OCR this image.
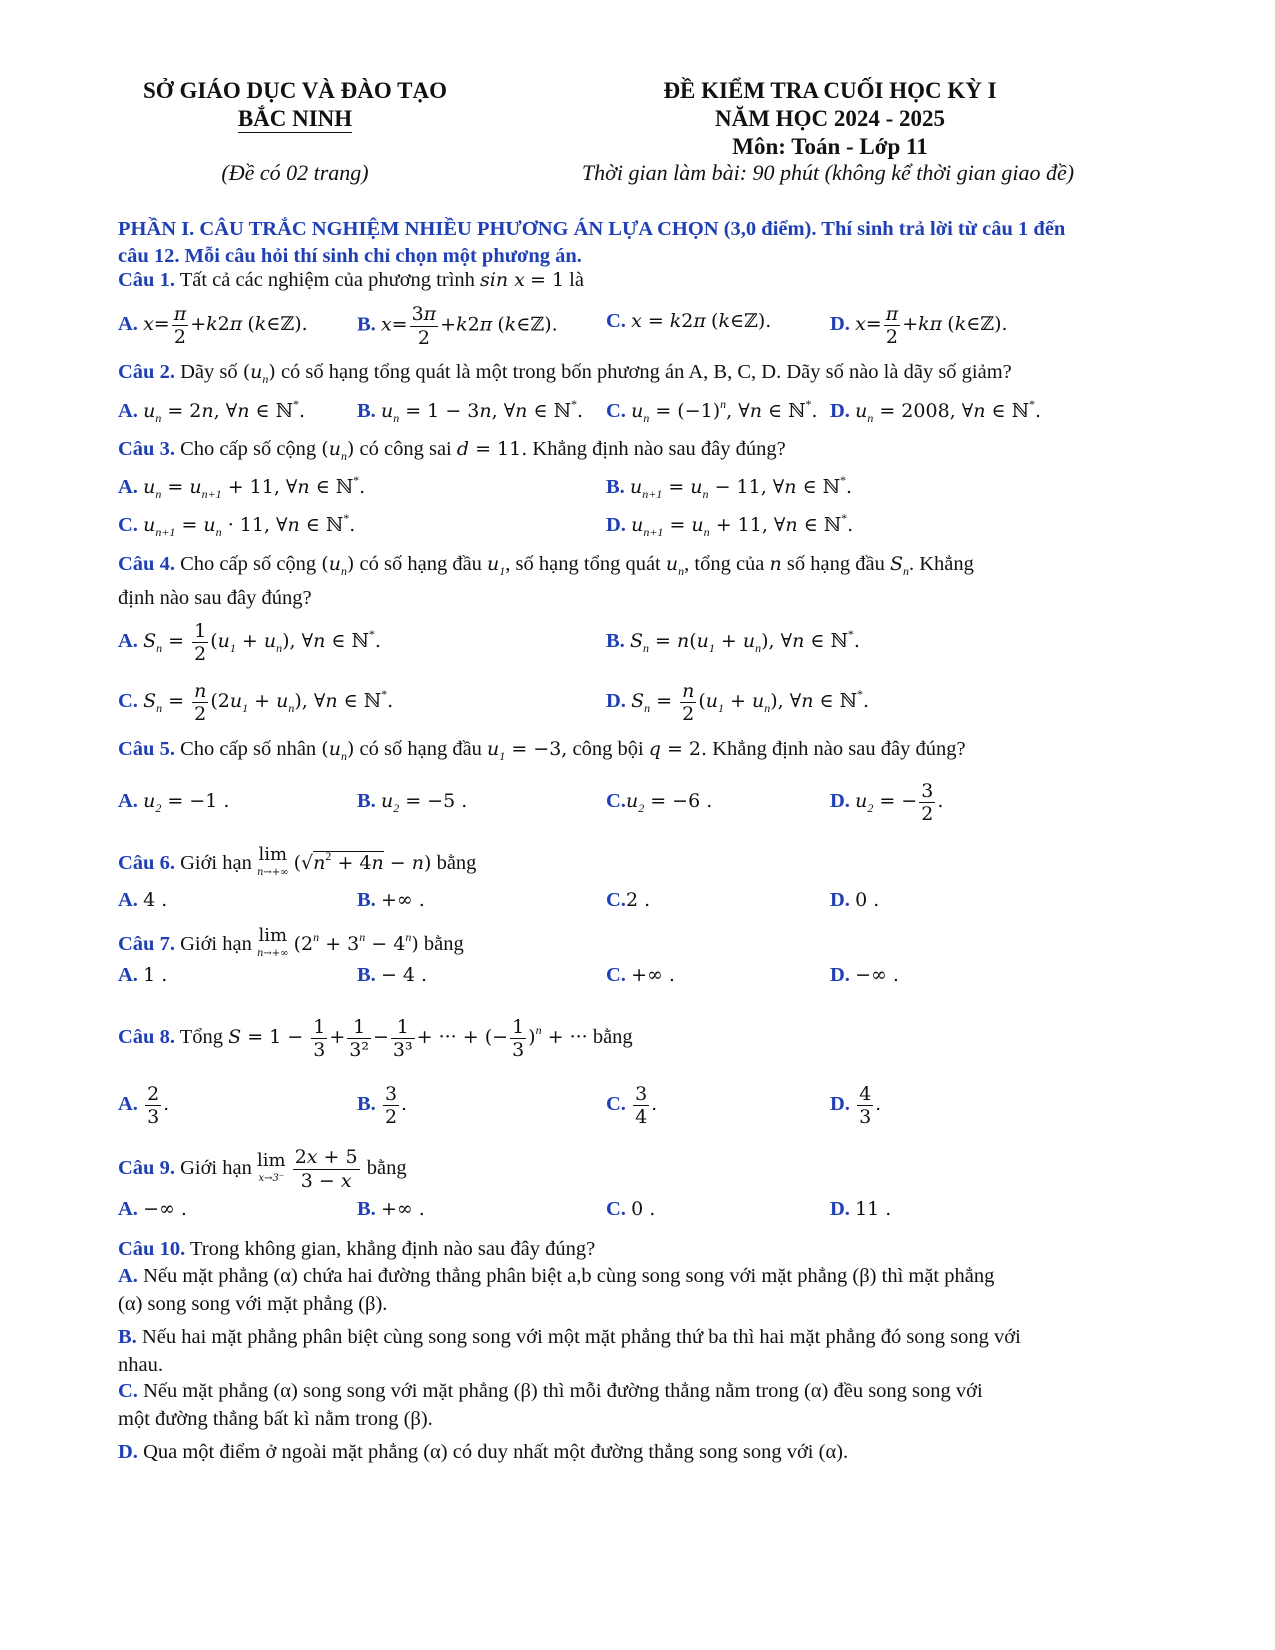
SỞ GIÁO DỤC VÀ ĐÀO TẠO
BẮC NINH
(Đề có 02 trang)
ĐỀ KIỂM TRA CUỐI HỌC KỲ I
NĂM HỌC 2024 - 2025
Môn: Toán - Lớp 11
Thời gian làm bài: 90 phút (không kể thời gian giao đề)
PHẦN I. CÂU TRẮC NGHIỆM NHIỀU PHƯƠNG ÁN LỰA CHỌN (3,0 điểm). Thí sinh trả lời từ câu 1 đến câu 12. Mỗi câu hỏi thí sinh chỉ chọn một phương án.
Câu 1. Tất cả các nghiệm của phương trình sin x = 1 là
A. $x= \frac{\pi}{2} +k2\pi$ (k∈ℤ). B. $x= \frac{3\pi}{2} +k2\pi$ (k∈ℤ). C. x = k2π (k∈ℤ).	D. $x= \frac{\pi}{2} +k\pi$ (k∈ℤ).
Câu 2. Dãy số $(u_n)$ có số hạng tổng quát là một trong bốn phương án A, B, C, D. Dãy số nào là dãy số giảm?
A. $u_n = 2n$, ∀n ∈ ℕ*.	B. $u_n = 1 - 3n$, ∀n ∈ ℕ*. C. $u_n = (-1)^n$, ∀n ∈ ℕ*. D. $u_n = 2008$, ∀n ∈ ℕ*.
Câu 3. Cho cấp số cộng $(u_n)$ có công sai d = 11. Khẳng định nào sau đây đúng?
A. $u_n = u_{n+1} + 11$, ∀n ∈ ℕ*.	B. $u_{n+1} = u_n - 11$, ∀n ∈ ℕ*.
C. $u_{n+1} = u_n \cdot 11$, ∀n ∈ ℕ*.	D. $u_{n+1} = u_n + 11$, ∀n ∈ ℕ*.
Câu 4. Cho cấp số cộng $(u_n)$ có số hạng đầu $u_1$, số hạng tổng quát $u_n$, tổng của n số hạng đầu $S_n$. Khẳng
định nào sau đây đúng?
A. $S_n = \frac{1}{2} (u_1 + u_n)$, ∀n ∈ ℕ*.	B. $S_n = n(u_1 + u_n)$, ∀n ∈ ℕ*.
C. $S_n = \frac{n}{2} (2u_1 + u_n)$, ∀n ∈ ℕ*.	D. $S_n = \frac{n}{2} (u_1 + u_n)$, ∀n ∈ ℕ*.
Câu 5. Cho cấp số nhân $(u_n)$ có số hạng đầu $u_1 = -3$, công bội q = 2. Khẳng định nào sau đây đúng?
A. $u_2 = -1$ .	B. $u_2 = -5$ .	$C.u_2 = -6$ .	D. $u_2$ = − $\frac{3}{2}$ .
Câu 6. Giới hạn lim
n→+∞ $(√n^2 + 4n - n)$ bằng
A. 4 .	B. +∞ .	C.2 .	D. 0 .
Câu 7. Giới hạn lim
n→+∞ $(2^n + 3^n - 4^n)$ bằng
A. 1 .	B. − 4 .	C. +∞ .	D. −∞ .
Câu 8. Tổng $S = 1 - \frac{1}{3} + \frac{1}{\text{3²}} - \frac{1}{\text{3³}}$ + ··· + (− $\frac{1}{3} )^n$ + ··· bằng
A. $\frac{2}{3}$ .	B. $\frac{3}{2}$ .	C. $\frac{3}{4}$ .	D. $\frac{4}{3}$ .
Câu 9. Giới hạn lim
x→3⁻
$\frac{2x + 5}{3 - x}$ bằng
A. −∞ .	B. +∞ .	C. 0 .	D. 11 .
Câu 10. Trong không gian, khẳng định nào sau đây đúng?
A. Nếu mặt phẳng (α) chứa hai đường thẳng phân biệt a,b cùng song song với mặt phẳng (β) thì mặt phẳng
(α) song song với mặt phẳng (β).
B. Nếu hai mặt phẳng phân biệt cùng song song với một mặt phẳng thứ ba thì hai mặt phẳng đó song song với
nhau.
C. Nếu mặt phẳng (α) song song với mặt phẳng (β) thì mỗi đường thẳng nằm trong (α) đều song song với
một đường thẳng bất kì nằm trong (β).
D. Qua một điểm ở ngoài mặt phẳng (α) có duy nhất một đường thẳng song song với (α).
